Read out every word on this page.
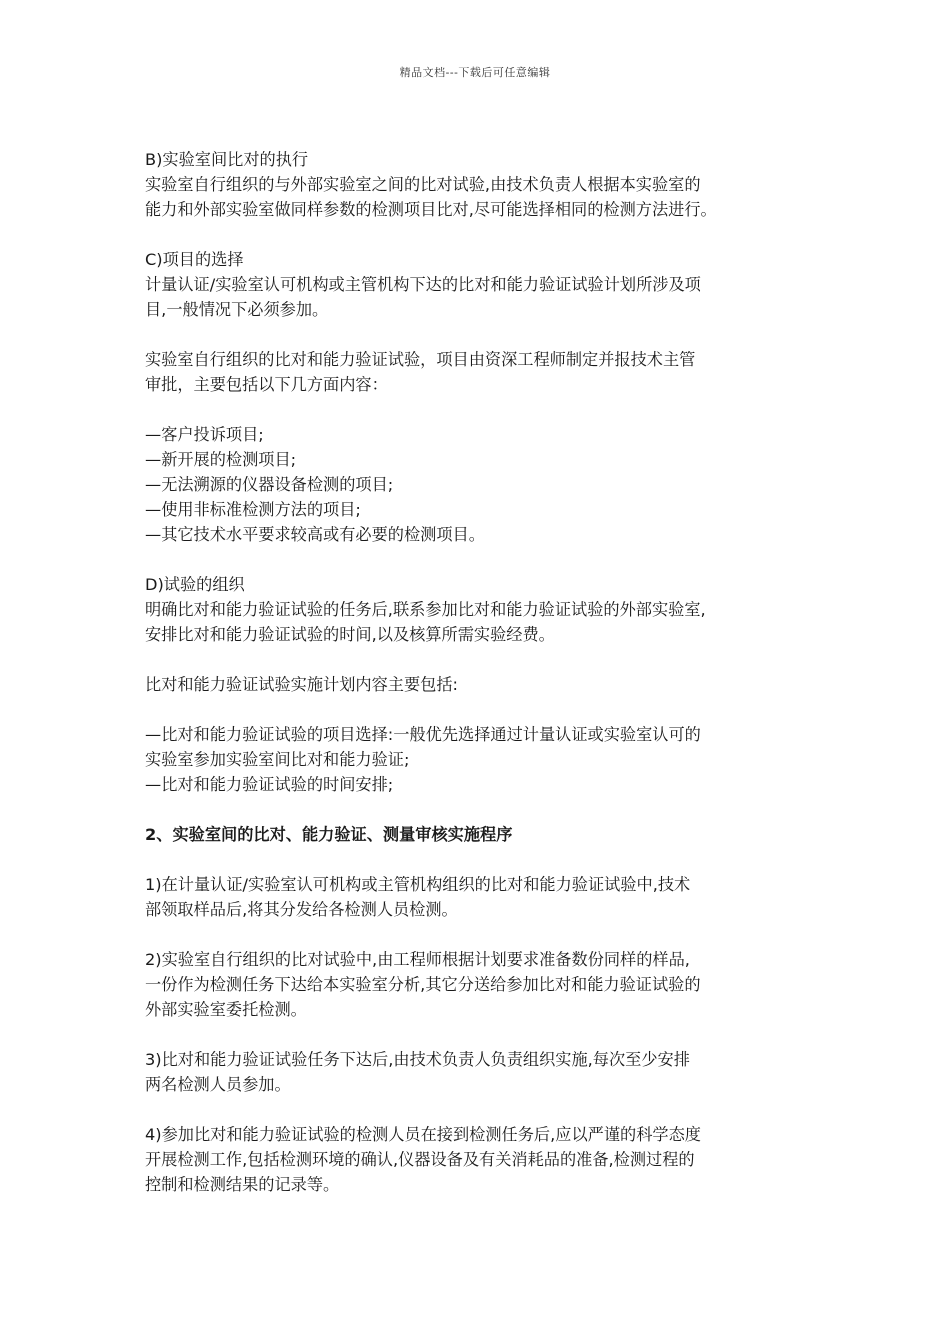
精品文档---下载后可任意编辑
B)实验室间比对的执行
实验室自行组织的与外部实验室之间的比对试验,由技术负责人根据本实验室的
能力和外部实验室做同样参数的检测项目比对,尽可能选择相同的检测方法进行。
C)项目的选择
计量认证/实验室认可机构或主管机构下达的比对和能力验证试验计划所涉及项
目,一般情况下必须参加。
实验室自行组织的比对和能力验证试验，项目由资深工程师制定并报技术主管
审批，主要包括以下几方面内容：
—客户投诉项目;
—新开展的检测项目;
—无法溯源的仪器设备检测的项目;
—使用非标准检测方法的项目;
—其它技术水平要求较高或有必要的检测项目。
D)试验的组织
明确比对和能力验证试验的任务后,联系参加比对和能力验证试验的外部实验室,
安排比对和能力验证试验的时间,以及核算所需实验经费。
比对和能力验证试验实施计划内容主要包括:
—比对和能力验证试验的项目选择:一般优先选择通过计量认证或实验室认可的
实验室参加实验室间比对和能力验证;
—比对和能力验证试验的时间安排;
2、实验室间的比对、能力验证、测量审核实施程序
1)在计量认证/实验室认可机构或主管机构组织的比对和能力验证试验中,技术
部领取样品后,将其分发给各检测人员检测。
2)实验室自行组织的比对试验中,由工程师根据计划要求准备数份同样的样品,
一份作为检测任务下达给本实验室分析,其它分送给参加比对和能力验证试验的
外部实验室委托检测。
3)比对和能力验证试验任务下达后,由技术负责人负责组织实施,每次至少安排
两名检测人员参加。
4)参加比对和能力验证试验的检测人员在接到检测任务后,应以严谨的科学态度
开展检测工作,包括检测环境的确认,仪器设备及有关消耗品的准备,检测过程的
控制和检测结果的记录等。
